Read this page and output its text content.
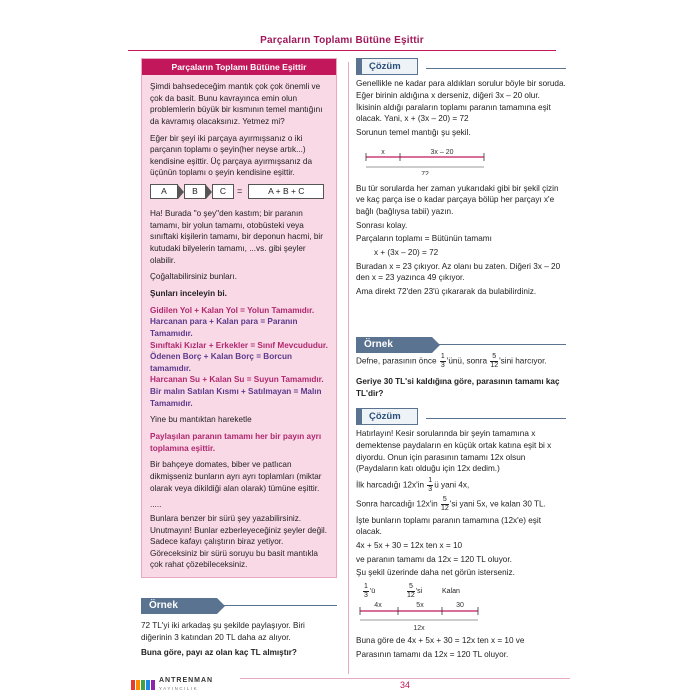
Parçaların Toplamı Bütüne Eşittir
Parçaların Toplamı Bütüne Eşittir

Şimdi bahsedeceğim mantık çok çok önemli ve çok da basit. Bunu kavrayınca emin olun problemlerin büyük bir kısmının temel mantığını da kavramış olacaksınız. Yetmez mi?

Eğer bir şeyi iki parçaya ayırmışsanız o iki parçanın toplamı o şeyin(her neyse artık...) kendisine eşittir. Üç parçaya ayırmışsanız da üçünün toplamı o şeyin kendisine eşittir.

A	B	C	=	A + B + C

Ha! Burada "o şey"den kastım; bir paranın tamamı, bir yolun tamamı, otobüsteki veya sınıftaki kişilerin tamamı, bir deponun hacmi, bir kutudaki bilyelerin tamamı, ...vs. gibi şeyler olabilir.

Çoğaltabilirsiniz bunları.

Şunları inceleyin bi.

Gidilen Yol + Kalan Yol = Yolun Tamamıdır.

Harcanan para + Kalan para = Paranın Tamamıdır.

Sınıftaki Kızlar + Erkekler = Sınıf Mevcududur.

Ödenen Borç + Kalan Borç = Borcun tamamıdır.

Harcanan Su + Kalan Su = Suyun Tamamıdır.

Bir malın Satılan Kısmı + Satılmayan = Malın Tamamıdır.

Yine bu mantıktan hareketle

Paylaşılan paranın tamamı her bir payın ayrı toplamına eşittir.

Bir bahçeye domates, biber ve patlıcan dikmişseniz bunların ayrı ayrı toplamları (miktar olarak veya dikildiği alan olarak) tümüne eşittir.

.....

Bunlara benzer bir sürü şey yazabilirsiniz. Unutmayın! Bunlar ezberleyeceğiniz şeyler değil. Sadece kafayı çalıştırın biraz yetiyor. Göreceksiniz bir sürü soruyu bu basit mantıkla çok rahat çözebileceksiniz.

Örnek

72 TL'yi iki arkadaş şu şekilde paylaşıyor. Biri diğerinin 3 katından 20 TL daha az alıyor.

Buna göre, payı az olan kaç TL almıştır?

Çözüm

Genellikle ne kadar para aldıkları sorulur böyle bir soruda. Eğer birinin aldığına x derseniz, diğeri 3x – 20 olur. İkisinin aldığı paraların toplamı paranın tamamına eşit olacak. Yani, x + (3x – 20) = 72

Sorunun temel mantığı şu şekil.

x	3x – 20
72

Bu tür sorularda her zaman yukarıdaki gibi bir şekil çizin ve kaç parça ise o kadar parçaya bölüp her parçayı x'e bağlı (bağlıysa tabii) yazın.

Sonrası kolay.

Parçaların toplamı = Bütünün tamamı

x + (3x – 20) = 72

Buradan x = 23 çıkıyor. Az olanı bu zaten. Diğeri 3x – 20 den x = 23 yazınca 49 çıkıyor.

Ama direkt 72'den 23'ü çıkararak da bulabilirdiniz.

Örnek

Defne, parasının önce $\frac{1}{3}$ 'ünü, sonra $\frac{5}{12}$ 'sini harcıyor.

Geriye 30 TL'si kaldığına göre, parasının tamamı kaç TL'dir?

Çözüm

Hatırlayın! Kesir sorularında bir şeyin tamamına x demektense paydaların en küçük ortak katına eşit bi x diyordu. Onun için parasının tamamı 12x olsun (Paydaların katı olduğu için 12x dedim.)

İlk harcadığı $12x'in \frac{1}{3}$ ü yani 4x,

Sonra harcadığı $12x'in \frac{5}{12}$ 'si yani 5x, ve kalan 30 TL.

İşte bunların toplamı paranın tamamına (12x'e) eşit olacak.

4x + 5x + 30 = 12x ten x = 10

ve paranın tamamı da 12x = 120 TL oluyor.

Şu şekil üzerinde daha net görün isterseniz.

$\frac{1}{3}$ 'ü	$\frac{5}{12}$ 'si	Kalan
4x	5x	30
12x

Buna göre de 4x + 5x + 30 = 12x ten x = 10 ve

Parasının tamamı da 12x = 120 TL oluyor.

ANTRENMAN
YAYINCILIK	34
